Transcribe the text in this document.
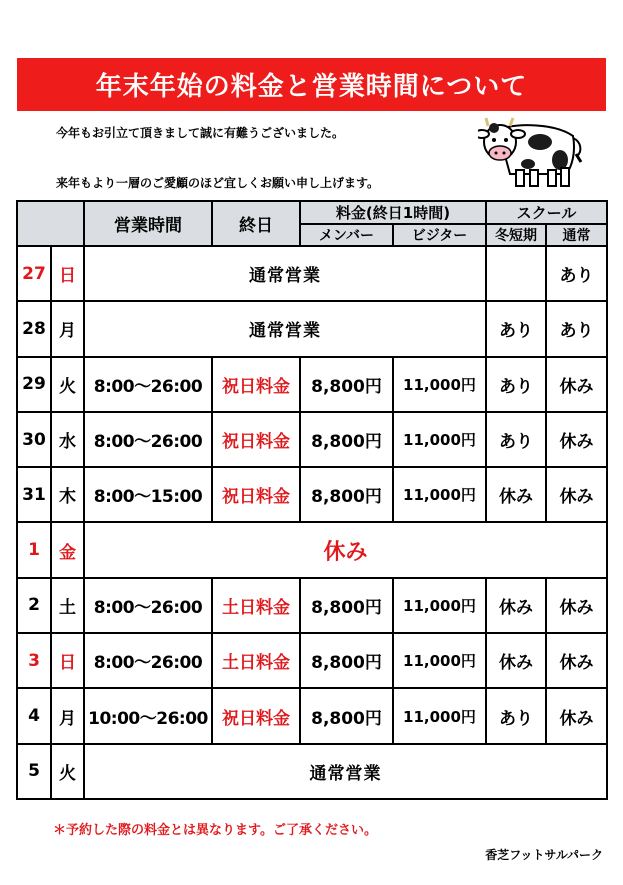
年末年始の料金と営業時間について
今年もお引立て頂きまして誠に有難うございました。
来年もより一層のご愛顧のほど宜しくお願い申し上げます。
		営業時間	終日	料金(終日1時間)		スクール	
				メンバー	ビジター	冬短期	通常
27	日	通常営業					あり
28	月	通常営業				あり	あり
29	火	8:00～26:00	祝日料金	8,800円	11,000円	あり	休み
30	水	8:00～26:00	祝日料金	8,800円	11,000円	あり	休み
31	木	8:00～15:00	祝日料金	8,800円	11,000円	休み	休み
1	金	休み					
2	土	8:00～26:00	土日料金	8,800円	11,000円	休み	休み
3	日	8:00～26:00	土日料金	8,800円	11,000円	休み	休み
4	月	10:00～26:00	祝日料金	8,800円	11,000円	あり	休み
5	火	通常営業					
＊予約した際の料金とは異なります。ご了承ください。
香芝フットサルパーク
